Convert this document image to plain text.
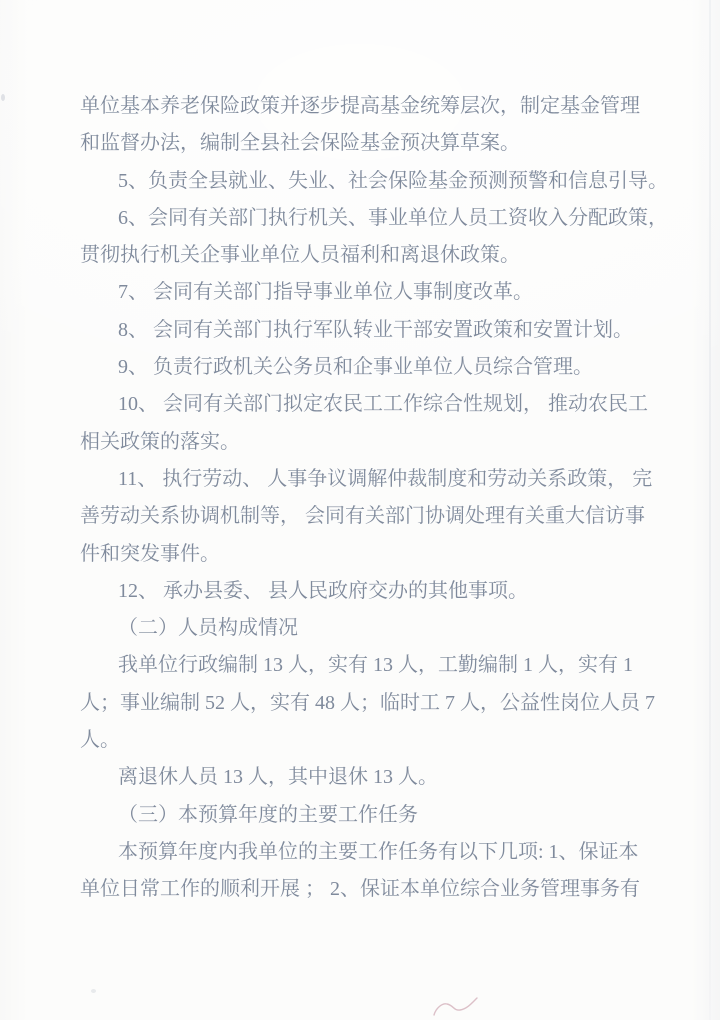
单位基本养老保险政策并逐步提高基金统筹层次，制定基金管理
和监督办法，编制全县社会保险基金预决算草案。
5、负责全县就业、失业、社会保险基金预测预警和信息引导。
6、会同有关部门执行机关、事业单位人员工资收入分配政策，
贯彻执行机关企事业单位人员福利和离退休政策。
7、 会同有关部门指导事业单位人事制度改革。
8、 会同有关部门执行军队转业干部安置政策和安置计划。
9、 负责行政机关公务员和企事业单位人员综合管理。
10、 会同有关部门拟定农民工工作综合性规划， 推动农民工
相关政策的落实。
11、 执行劳动、 人事争议调解仲裁制度和劳动关系政策， 完
善劳动关系协调机制等， 会同有关部门协调处理有关重大信访事
件和突发事件。
12、 承办县委、 县人民政府交办的其他事项。
（二）人员构成情况
我单位行政编制 13 人，实有 13 人，工勤编制 1 人，实有 1
人；事业编制 52 人，实有 48 人；临时工 7 人，公益性岗位人员 7
人。
离退休人员 13 人，其中退休 13 人。
（三）本预算年度的主要工作任务
本预算年度内我单位的主要工作任务有以下几项: 1、保证本
单位日常工作的顺利开展 ； 2、保证本单位综合业务管理事务有
